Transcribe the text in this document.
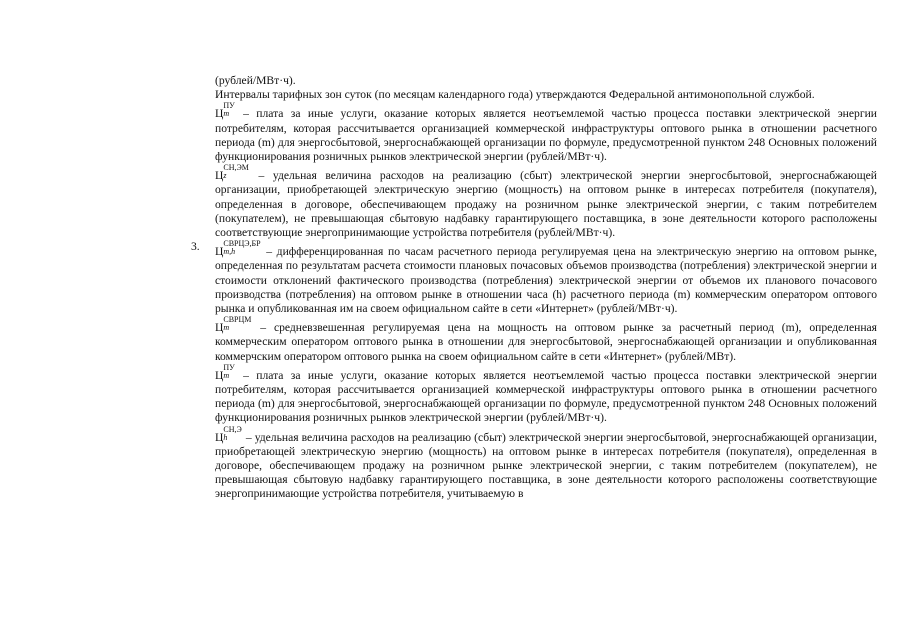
(рублей/МВт·ч).

Интервалы тарифных зон суток (по месяцам календарного года) утверждаются Федеральной антимонопольной службой.

Ц
ПУ
m – плата за иные услуги, оказание которых является неотъемлемой частью процесса поставки электрической энергии потребителям, которая рассчитывается организацией коммерческой инфраструктуры оптового рынка в отношении расчетного периода (m) для энергосбытовой, энергоснабжающей организации по формуле, предусмотренной пунктом 248 Основных положений функционирования розничных рынков электрической энергии (рублей/МВт·ч).

Ц
СН,ЭМ
z	– удельная величина расходов на реализацию (сбыт) электрической энергии энергосбытовой, энергоснабжающей организации, приобретающей электрическую энергию (мощность) на оптовом рынке в интересах потребителя (покупателя), определенная в договоре, обеспечивающем продажу на розничном рынке электрической энергии, с таким потребителем (покупателем), не превышающая сбытовую надбавку гарантирующего поставщика, в зоне деятельности которого расположены соответствующие энергопринимающие устройства потребителя (рублей/МВт·ч).

3. Ц
СВРЦЭ,БР
m,h	– дифференцированная по часам расчетного периода регулируемая цена на электрическую энергию на оптовом рынке, определенная по результатам расчета стоимости плановых почасовых объемов производства (потребления) электрической энергии и стоимости отклонений фактического производства (потребления) электрической энергии от объемов их планового почасового производства (потребления) на оптовом рынке в отношении часа (h) расчетного периода (m) коммерческим оператором оптового рынка и опубликованная им на своем официальном сайте в сети «Интернет» (рублей/МВт·ч).

Ц
СВРЦМ
m	– средневзвешенная регулируемая цена на мощность на оптовом рынке за расчетный период (m), определенная коммерческим оператором оптового рынка в отношении для энергосбытовой, энергоснабжающей организации и опубликованная коммерчским оператором оптового рынка на своем официальном сайте в сети «Интернет» (рублей/МВт).

Ц
ПУ
m – плата за иные услуги, оказание которых является неотъемлемой частью процесса поставки электрической энергии потребителям, которая рассчитывается организацией коммерческой инфраструктуры оптового рынка в отношении расчетного периода (m) для энергосбытовой, энергоснабжающей организации по формуле, предусмотренной пунктом 248 Основных положений функционирования розничных рынков электрической энергии (рублей/МВт·ч).

Ц
СН,Э
h	– удельная величина расходов на реализацию (сбыт) электрической энергии энергосбытовой, энергоснабжающей организации, приобретающей электрическую энергию (мощность) на оптовом рынке в интересах потребителя (покупателя), определенная в договоре, обеспечивающем продажу на розничном рынке электрической энергии, с таким потребителем (покупателем), не превышающая сбытовую надбавку гарантирующего поставщика, в зоне деятельности которого расположены соответствующие энергопринимающие устройства потребителя, учитываемую в
